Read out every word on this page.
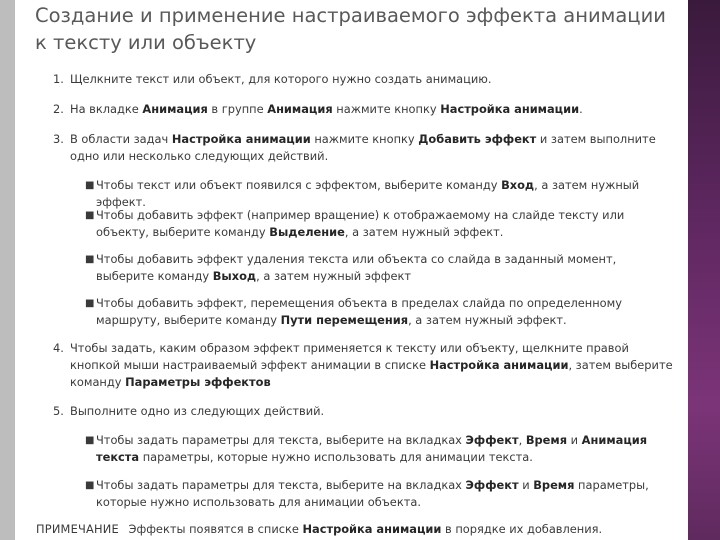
Создание и применение настраиваемого эффекта анимации к тексту или объекту
1. Щелкните текст или объект, для которого нужно создать анимацию.
2. На вкладке Анимация в группе Анимация нажмите кнопку Настройка анимации.
3. В области задач Настройка анимации нажмите кнопку Добавить эффект и затем выполните одно или несколько следующих действий.
■ Чтобы текст или объект появился с эффектом, выберите команду Вход, а затем нужный эффект.
■ Чтобы добавить эффект (например вращение) к отображаемому на слайде тексту или объекту, выберите команду Выделение, а затем нужный эффект.
■ Чтобы добавить эффект удаления текста или объекта со слайда в заданный момент, выберите команду Выход, а затем нужный эффект
■ Чтобы добавить эффект, перемещения объекта в пределах слайда по определенному маршруту, выберите команду Пути перемещения, а затем нужный эффект.
4. Чтобы задать, каким образом эффект применяется к тексту или объекту, щелкните правой кнопкой мыши настраиваемый эффект анимации в списке Настройка анимации, затем выберите команду Параметры эффектов
5. Выполните одно из следующих действий.
■ Чтобы задать параметры для текста, выберите на вкладках Эффект, Время и Анимация текста параметры, которые нужно использовать для анимации текста.
■ Чтобы задать параметры для текста, выберите на вкладках Эффект и Время параметры, которые нужно использовать для анимации объекта.
ПРИМЕЧАНИЕ Эффекты появятся в списке Настройка анимации в порядке их добавления.
